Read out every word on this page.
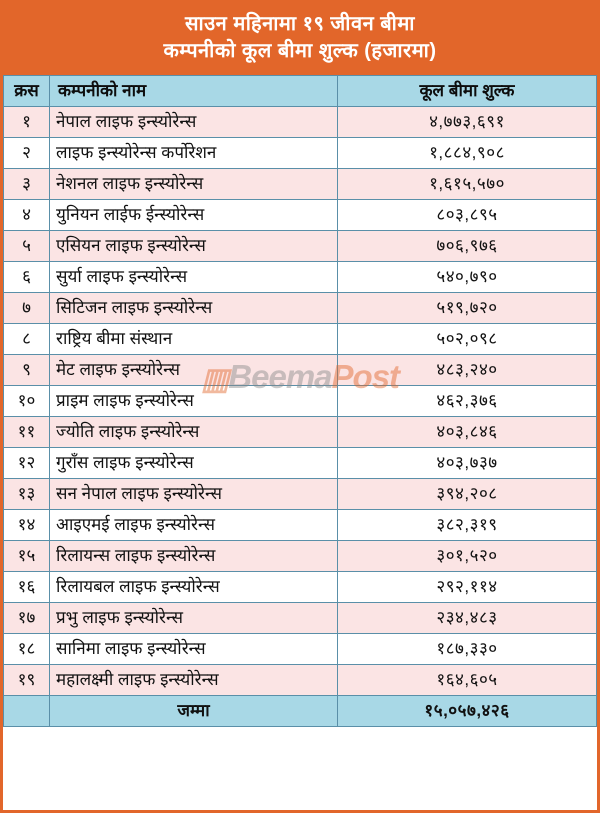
साउन महिनामा १९ जीवन बीमा
कम्पनीको कूल बीमा शुल्क (हजारमा)
▥BeemaPost
क्रस	कम्पनीको नाम	कूल बीमा शुल्क
१	नेपाल लाइफ इन्स्योरेन्स	४,७७३,६९१
२	लाइफ इन्स्योरेन्स कर्पोरेशन	१,८८४,९०८
३	नेशनल लाइफ इन्स्योरेन्स	१,६१५,५७०
४	युनियन लाईफ ईन्स्योरेन्स	८०३,८९५
५	एसियन लाइफ इन्स्योरेन्स	७०६,९७६
६	सुर्या लाइफ इन्स्योरेन्स	५४०,७९०
७	सिटिजन लाइफ इन्स्योरेन्स	५१९,७२०
८	राष्ट्रिय बीमा संस्थान	५०२,०९८
९	मेट लाइफ इन्स्योरेन्स	४८३,२४०
१०	प्राइम लाइफ इन्स्योरेन्स	४६२,३७६
११	ज्योति लाइफ इन्स्योरेन्स	४०३,८४६
१२	गुराँस लाइफ इन्स्योरेन्स	४०३,७३७
१३	सन नेपाल लाइफ इन्स्योरेन्स	३९४,२०८
१४	आइएमई लाइफ इन्स्योरेन्स	३८२,३१९
१५	रिलायन्स लाइफ इन्स्योरेन्स	३०१,५२०
१६	रिलायबल लाइफ इन्स्योरेन्स	२९२,११४
१७	प्रभु लाइफ इन्स्योरेन्स	२३४,४८३
१८	सानिमा लाइफ इन्स्योरेन्स	१८७,३३०
१९	महालक्ष्मी लाइफ इन्स्योरेन्स	१६४,६०५
	जम्मा	१५,०५७,४२६
